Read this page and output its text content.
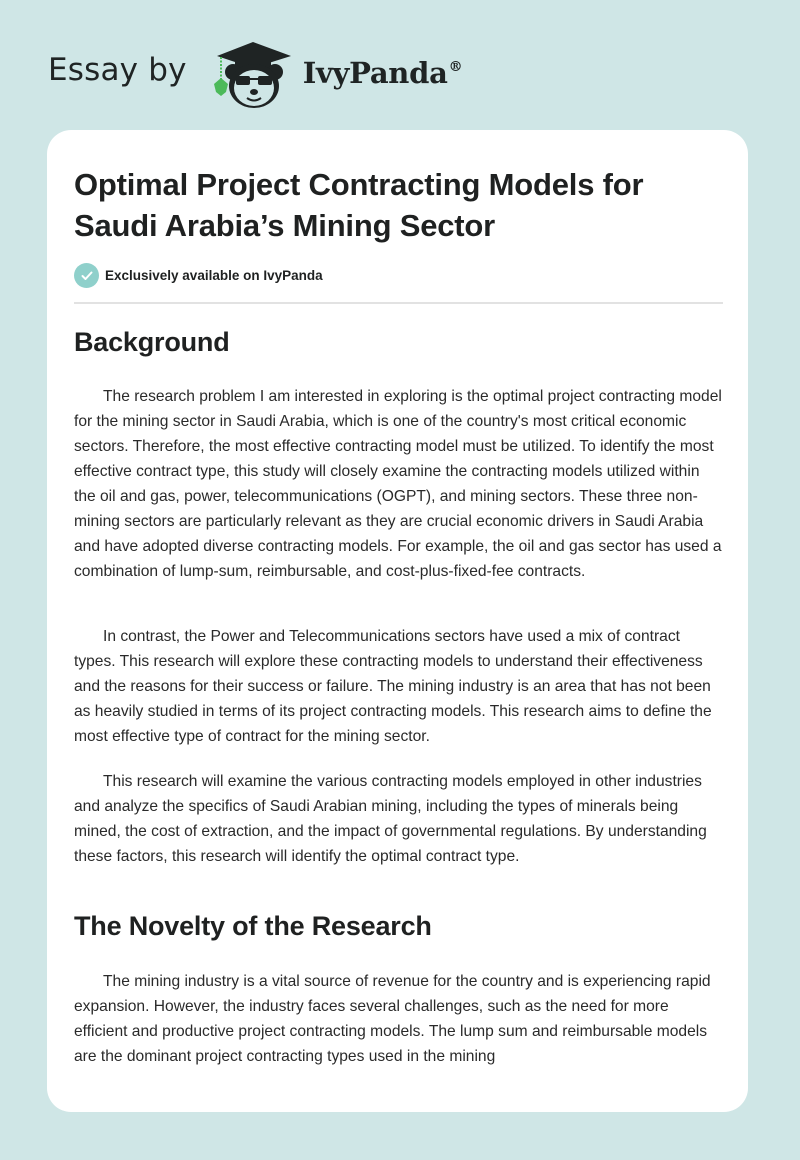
Essay by	IvyPanda®
Optimal Project Contracting Models for Saudi Arabia’s Mining Sector
Exclusively available on IvyPanda
Background

The research problem I am interested in exploring is the optimal project contracting model for the mining sector in Saudi Arabia, which is one of the country's most critical economic sectors. Therefore, the most effective contracting model must be utilized. To identify the most effective contract type, this study will closely examine the contracting models utilized within the oil and gas, power, telecommunications (OGPT), and mining sectors. These three non-mining sectors are particularly relevant as they are crucial economic drivers in Saudi Arabia and have adopted diverse contracting models. For example, the oil and gas sector has used a combination of lump-sum, reimbursable, and cost-plus-fixed-fee contracts.

In contrast, the Power and Telecommunications sectors have used a mix of contract types. This research will explore these contracting models to understand their effectiveness and the reasons for their success or failure. The mining industry is an area that has not been as heavily studied in terms of its project contracting models. This research aims to define the most effective type of contract for the mining sector.

This research will examine the various contracting models employed in other industries and analyze the specifics of Saudi Arabian mining, including the types of minerals being mined, the cost of extraction, and the impact of governmental regulations. By understanding these factors, this research will identify the optimal contract type.

The Novelty of the Research

The mining industry is a vital source of revenue for the country and is experiencing rapid expansion. However, the industry faces several challenges, such as the need for more efficient and productive project contracting models. The lump sum and reimbursable models are the dominant project contracting types used in the mining
